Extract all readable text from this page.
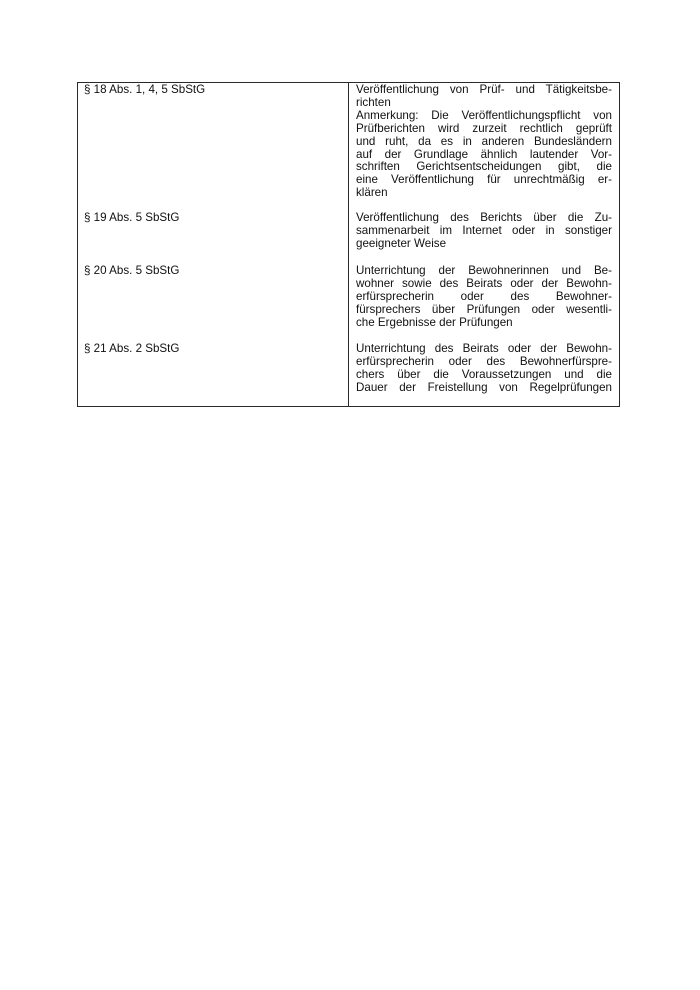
§ 18 Abs. 1, 4, 5 SbStG
§ 19 Abs. 5 SbStG
§ 20 Abs. 5 SbStG
§ 21 Abs. 2 SbStG
Veröffentlichung von Prüf- und Tätigkeitsbe-
richten
Anmerkung: Die Veröffentlichungspflicht von
Prüfberichten wird zurzeit rechtlich geprüft
und ruht, da es in anderen Bundesländern
auf der Grundlage ähnlich lautender Vor-
schriften Gerichtsentscheidungen gibt, die
eine Veröffentlichung für unrechtmäßig er-
klären
Veröffentlichung des Berichts über die Zu-
sammenarbeit im Internet oder in sonstiger
geeigneter Weise
Unterrichtung der Bewohnerinnen und Be-
wohner sowie des Beirats oder der Bewohn-
erfürsprecherin oder des Bewohner-
fürsprechers über Prüfungen oder wesentli-
che Ergebnisse der Prüfungen
Unterrichtung des Beirats oder der Bewohn-
erfürsprecherin oder des Bewohnerfürspre-
chers über die Voraussetzungen und die
Dauer der Freistellung von Regelprüfungen
